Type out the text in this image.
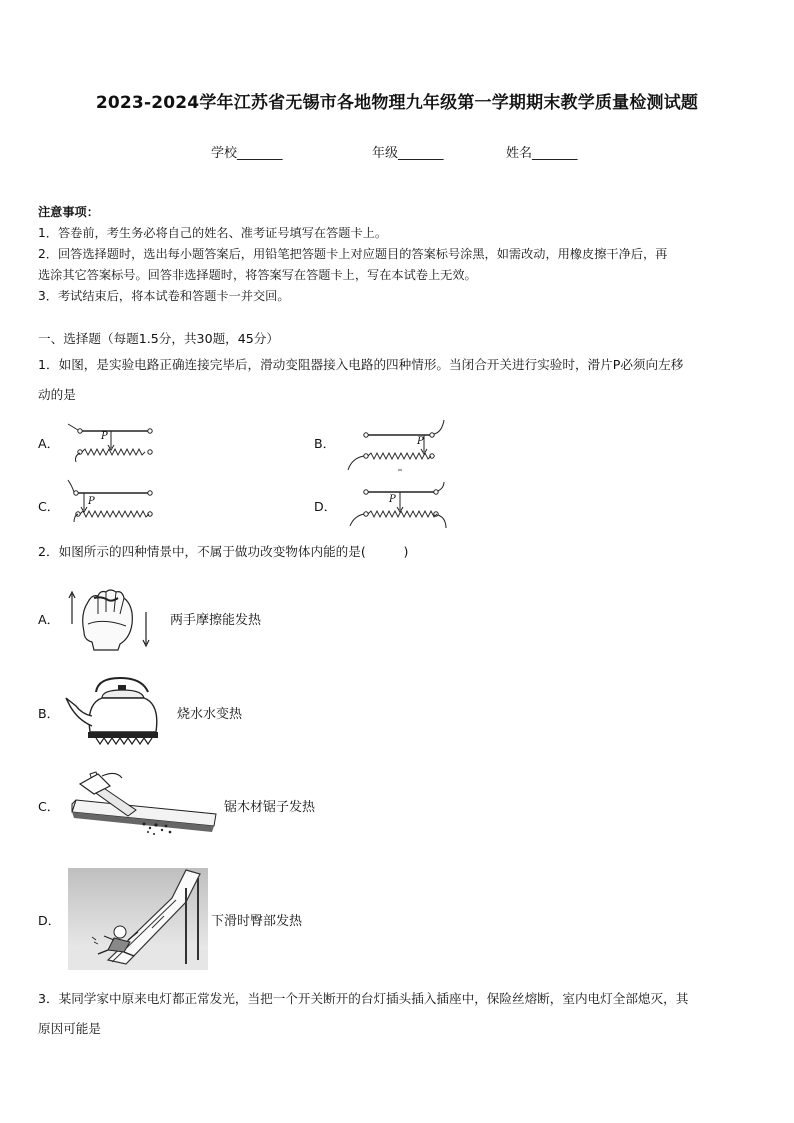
2023-2024学年江苏省无锡市各地物理九年级第一学期期末教学质量检测试题
学校_______	年级_______	姓名_______
注意事项：
1．答卷前，考生务必将自己的姓名、准考证号填写在答题卡上。
2．回答选择题时，选出每小题答案后，用铅笔把答题卡上对应题目的答案标号涂黑，如需改动，用橡皮擦干净后，再
选涂其它答案标号。回答非选择题时，将答案写在答题卡上，写在本试卷上无效。
3．考试结束后，将本试卷和答题卡一并交回。
一、选择题（每题1.5分，共30题，45分）
1．如图，是实验电路正确连接完毕后，滑动变阻器接入电路的四种情形。当闭合开关进行实验时，滑片P必须向左移
动的是
A．	B．
C．	D．
P	P
P	P
2．如图所示的四种情景中，不属于做功改变物体内能的是(　　　)
A．	两手摩擦能发热
B．	烧水水变热
C．	锯木材锯子发热
D．	下滑时臀部发热
3．某同学家中原来电灯都正常发光，当把一个开关断开的台灯插头插入插座中，保险丝熔断，室内电灯全部熄灭，其
原因可能是
